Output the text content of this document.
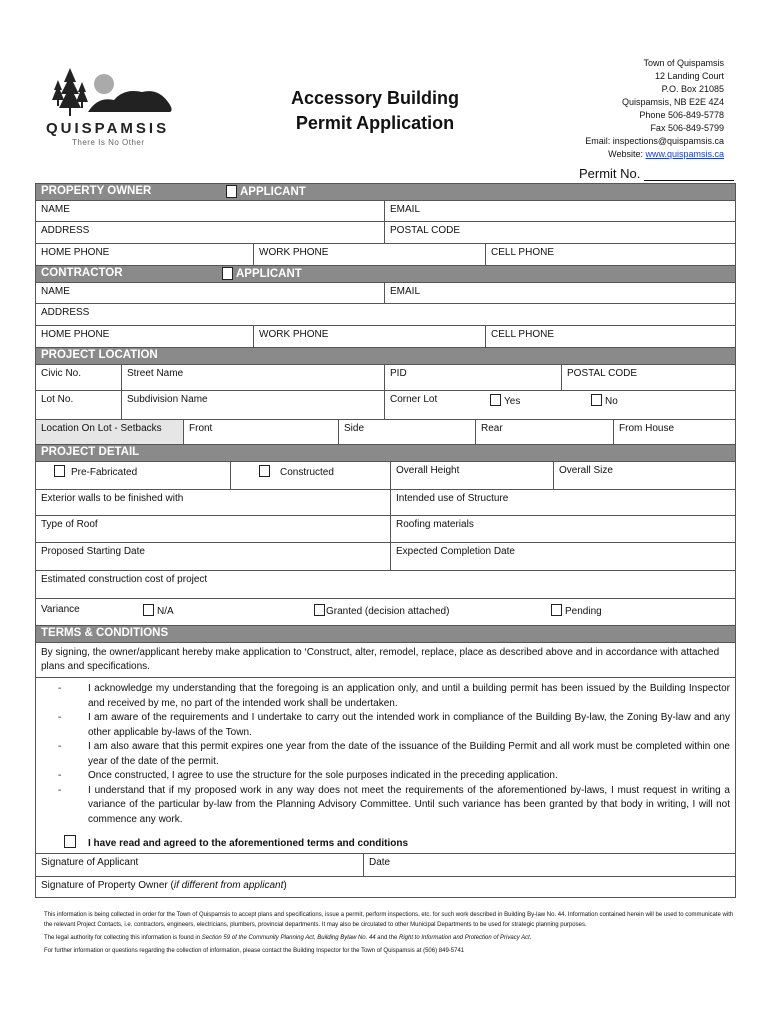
QUISPAMSIS
There Is No Other
Accessory Building
Permit Application
Town of Quispamsis
12 Landing Court
P.O. Box 21085
Quispamsis, NB E2E 4Z4
Phone 506-849-5778
Fax 506-849-5799
Email: inspections@quispamsis.ca
Website: www.quispamsis.ca
Permit No.
PROPERTY OWNER	APPLICANT
NAME	EMAIL
ADDRESS	POSTAL CODE
HOME PHONE	WORK PHONE	CELL PHONE
CONTRACTOR	APPLICANT
NAME	EMAIL
ADDRESS
HOME PHONE	WORK PHONE	CELL PHONE
PROJECT LOCATION
Civic No.	Street Name	PID	POSTAL CODE
Lot No.	Subdivision Name	Corner Lot	Yes	No
Location On Lot - Setbacks	Front	Side	Rear	From House
PROJECT DETAIL
Pre-Fabricated	Constructed	Overall Height	Overall Size
Exterior walls to be finished with	Intended use of Structure
Type of Roof	Roofing materials
Proposed Starting Date	Expected Completion Date
Estimated construction cost of project
Variance	N/A	Granted (decision attached)	Pending
TERMS & CONDITIONS
By signing, the owner/applicant hereby make application to ‘Construct, alter, remodel, replace, place as described above and in accordance with attached plans and specifications.
-	I acknowledge my understanding that the foregoing is an application only, and until a building permit has been issued by the Building Inspector and received by me, no part of the intended work shall be undertaken.
-	I am aware of the requirements and I undertake to carry out the intended work in compliance of the Building By-law, the Zoning By-law and any other applicable by-laws of the Town.
-	I am also aware that this permit expires one year from the date of the issuance of the Building Permit and all work must be completed within one year of the date of the permit.
-	Once constructed, I agree to use the structure for the sole purposes indicated in the preceding application.
-	I understand that if my proposed work in any way does not meet the requirements of the aforementioned by-laws, I must request in writing a variance of the particular by-law from the Planning Advisory Committee. Until such variance has been granted by that body in writing, I will not commence any work.
I have read and agreed to the aforementioned terms and conditions
Signature of Applicant	Date
Signature of Property Owner (if different from applicant)

This information is being collected in order for the Town of Quispamsis to accept plans and specifications, issue a permit, perform inspections, etc. for such work described in Building By-law No. 44. Information contained herein will be used to communicate with the relevant Project Contacts, i.e. contractors, engineers, electricians, plumbers, provincial departments. It may also be circulated to other Municipal Departments to be used for strategic planning purposes.

The legal authority for collecting this information is found in Section 59 of the Community Planning Act, Building Bylaw No. 44 and the Right to Information and Protection of Privacy Act.

For further information or questions regarding the collection of information, please contact the Building Inspector for the Town of Quispamsis at (506) 849-5741
